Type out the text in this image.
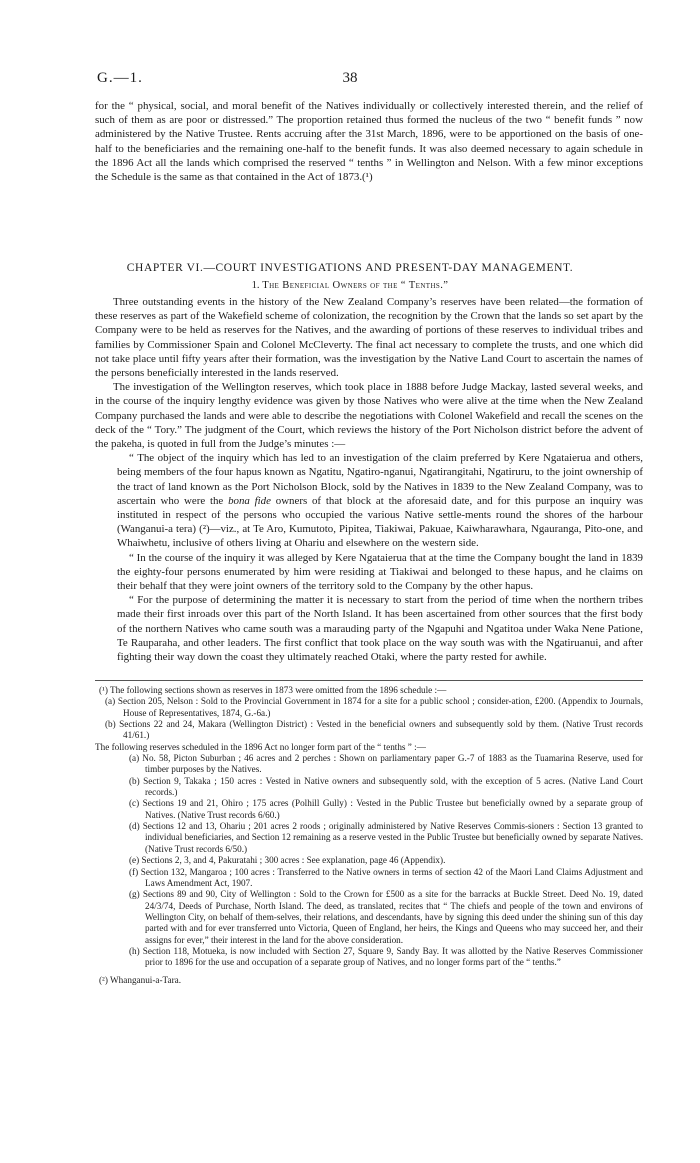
G.—1.	38

for the “ physical, social, and moral benefit of the Natives individually or collectively interested therein, and the relief of such of them as are poor or distressed.” The proportion retained thus formed the nucleus of the two “ benefit funds ” now administered by the Native Trustee. Rents accruing after the 31st March, 1896, were to be apportioned on the basis of one-half to the beneficiaries and the remaining one-half to the benefit funds. It was also deemed necessary to again schedule in the 1896 Act all the lands which comprised the reserved “ tenths ” in Wellington and Nelson. With a few minor exceptions the Schedule is the same as that contained in the Act of 1873.(¹)

CHAPTER VI.—COURT INVESTIGATIONS AND PRESENT-DAY MANAGEMENT.
1. The Beneficial Owners of the “ Tenths.”

Three outstanding events in the history of the New Zealand Company’s reserves have been related—the formation of these reserves as part of the Wakefield scheme of colonization, the recognition by the Crown that the lands so set apart by the Company were to be held as reserves for the Natives, and the awarding of portions of these reserves to individual tribes and families by Commissioner Spain and Colonel McCleverty. The final act necessary to complete the trusts, and one which did not take place until fifty years after their formation, was the investigation by the Native Land Court to ascertain the names of the persons beneficially interested in the lands reserved.

The investigation of the Wellington reserves, which took place in 1888 before Judge Mackay, lasted several weeks, and in the course of the inquiry lengthy evidence was given by those Natives who were alive at the time when the New Zealand Company purchased the lands and were able to describe the negotiations with Colonel Wakefield and recall the scenes on the deck of the “ Tory.” The judgment of the Court, which reviews the history of the Port Nicholson district before the advent of the pakeha, is quoted in full from the Judge’s minutes :—

“ The object of the inquiry which has led to an investigation of the claim preferred by Kere Ngataierua and others, being members of the four hapus known as Ngatitu, Ngatiro-nganui, Ngatirangitahi, Ngatiruru, to the joint ownership of the tract of land known as the Port Nicholson Block, sold by the Natives in 1839 to the New Zealand Company, was to ascertain who were the bona fide owners of that block at the aforesaid date, and for this purpose an inquiry was instituted in respect of the persons who occupied the various Native settle-ments round the shores of the harbour (Wanganui-a tera) (²)—viz., at Te Aro, Kumutoto, Pipitea, Tiakiwai, Pakuae, Kaiwharawhara, Ngauranga, Pito-one, and Whaiwhetu, inclusive of others living at Ohariu and elsewhere on the western side.

“ In the course of the inquiry it was alleged by Kere Ngataierua that at the time the Company bought the land in 1839 the eighty-four persons enumerated by him were residing at Tiakiwai and belonged to these hapus, and he claims on their behalf that they were joint owners of the territory sold to the Company by the other hapus.

“ For the purpose of determining the matter it is necessary to start from the period of time when the northern tribes made their first inroads over this part of the North Island. It has been ascertained from other sources that the first body of the northern Natives who came south was a marauding party of the Ngapuhi and Ngatitoa under Waka Nene Patione, Te Rauparaha, and other leaders. The first conflict that took place on the way south was with the Ngatiruanui, and after fighting their way down the coast they ultimately reached Otaki, where the party rested for awhile.

(¹) The following sections shown as reserves in 1873 were omitted from the 1896 schedule :—

(a) Section 205, Nelson : Sold to the Provincial Government in 1874 for a site for a public school ; consider-ation, £200. (Appendix to Journals, House of Representatives, 1874, G.-6a.)

(b) Sections 22 and 24, Makara (Wellington District) : Vested in the beneficial owners and subsequently sold by them. (Native Trust records 41/61.)

The following reserves scheduled in the 1896 Act no longer form part of the “ tenths ” :—

(a) No. 58, Picton Suburban ; 46 acres and 2 perches : Shown on parliamentary paper G.-7 of 1883 as the Tuamarina Reserve, used for timber purposes by the Natives.

(b) Section 9, Takaka ; 150 acres : Vested in Native owners and subsequently sold, with the exception of 5 acres. (Native Land Court records.)

(c) Sections 19 and 21, Ohiro ; 175 acres (Polhill Gully) : Vested in the Public Trustee but beneficially owned by a separate group of Natives. (Native Trust records 6/60.)

(d) Sections 12 and 13, Ohariu ; 201 acres 2 roods ; originally administered by Native Reserves Commis-sioners : Section 13 granted to individual beneficiaries, and Section 12 remaining as a reserve vested in the Public Trustee but beneficially owned by separate Natives. (Native Trust records 6/50.)

(e) Sections 2, 3, and 4, Pakuratahi ; 300 acres : See explanation, page 46 (Appendix).

(f) Section 132, Mangaroa ; 100 acres : Transferred to the Native owners in terms of section 42 of the Maori Land Claims Adjustment and Laws Amendment Act, 1907.

(g) Sections 89 and 90, City of Wellington : Sold to the Crown for £500 as a site for the barracks at Buckle Street. Deed No. 19, dated 24/3/74, Deeds of Purchase, North Island. The deed, as translated, recites that “ The chiefs and people of the town and environs of Wellington City, on behalf of them-selves, their relations, and descendants, have by signing this deed under the shining sun of this day parted with and for ever transferred unto Victoria, Queen of England, her heirs, the Kings and Queens who may succeed her, and their assigns for ever,” their interest in the land for the above consideration.

(h) Section 118, Motueka, is now included with Section 27, Square 9, Sandy Bay. It was allotted by the Native Reserves Commissioner prior to 1896 for the use and occupation of a separate group of Natives, and no longer forms part of the “ tenths.”

(²) Whanganui-a-Tara.
